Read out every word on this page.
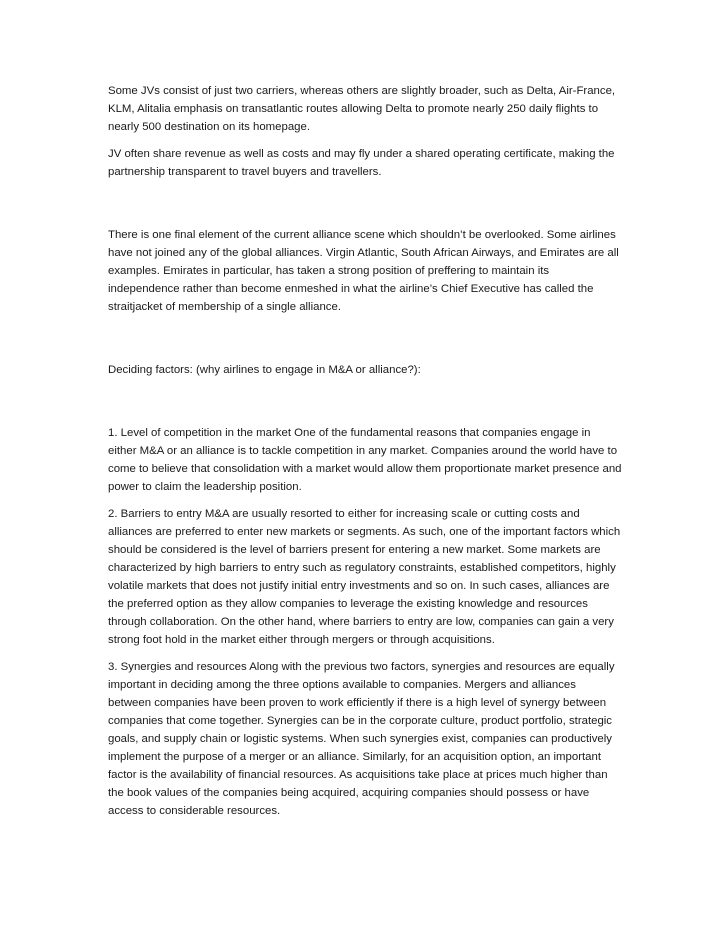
Some JVs consist of just two carriers, whereas others are slightly broader, such as Delta, Air-France, KLM, Alitalia emphasis on transatlantic routes allowing Delta to promote nearly 250 daily flights to nearly 500 destination on its homepage.

JV often share revenue as well as costs and may fly under a shared operating certificate, making the partnership transparent to travel buyers and travellers.

There is one final element of the current alliance scene which shouldn’t be overlooked. Some airlines have not joined any of the global alliances. Virgin Atlantic, South African Airways, and Emirates are all examples. Emirates in particular, has taken a strong position of preffering to maintain its independence rather than become enmeshed in what the airline’s Chief Executive has called the straitjacket of membership of a single alliance.

Deciding factors: (why airlines to engage in M&A or alliance?):

1. Level of competition in the market One of the fundamental reasons that companies engage in either M&A or an alliance is to tackle competition in any market. Companies around the world have to come to believe that consolidation with a market would allow them proportionate market presence and power to claim the leadership position.

2. Barriers to entry M&A are usually resorted to either for increasing scale or cutting costs and alliances are preferred to enter new markets or segments. As such, one of the important factors which should be considered is the level of barriers present for entering a new market. Some markets are characterized by high barriers to entry such as regulatory constraints, established competitors, highly volatile markets that does not justify initial entry investments and so on. In such cases, alliances are the preferred option as they allow companies to leverage the existing knowledge and resources through collaboration. On the other hand, where barriers to entry are low, companies can gain a very strong foot hold in the market either through mergers or through acquisitions.

3. Synergies and resources Along with the previous two factors, synergies and resources are equally important in deciding among the three options available to companies. Mergers and alliances between companies have been proven to work efficiently if there is a high level of synergy between companies that come together. Synergies can be in the corporate culture, product portfolio, strategic goals, and supply chain or logistic systems. When such synergies exist, companies can productively implement the purpose of a merger or an alliance. Similarly, for an acquisition option, an important factor is the availability of financial resources. As acquisitions take place at prices much higher than the book values of the companies being acquired, acquiring companies should possess or have access to considerable resources.
